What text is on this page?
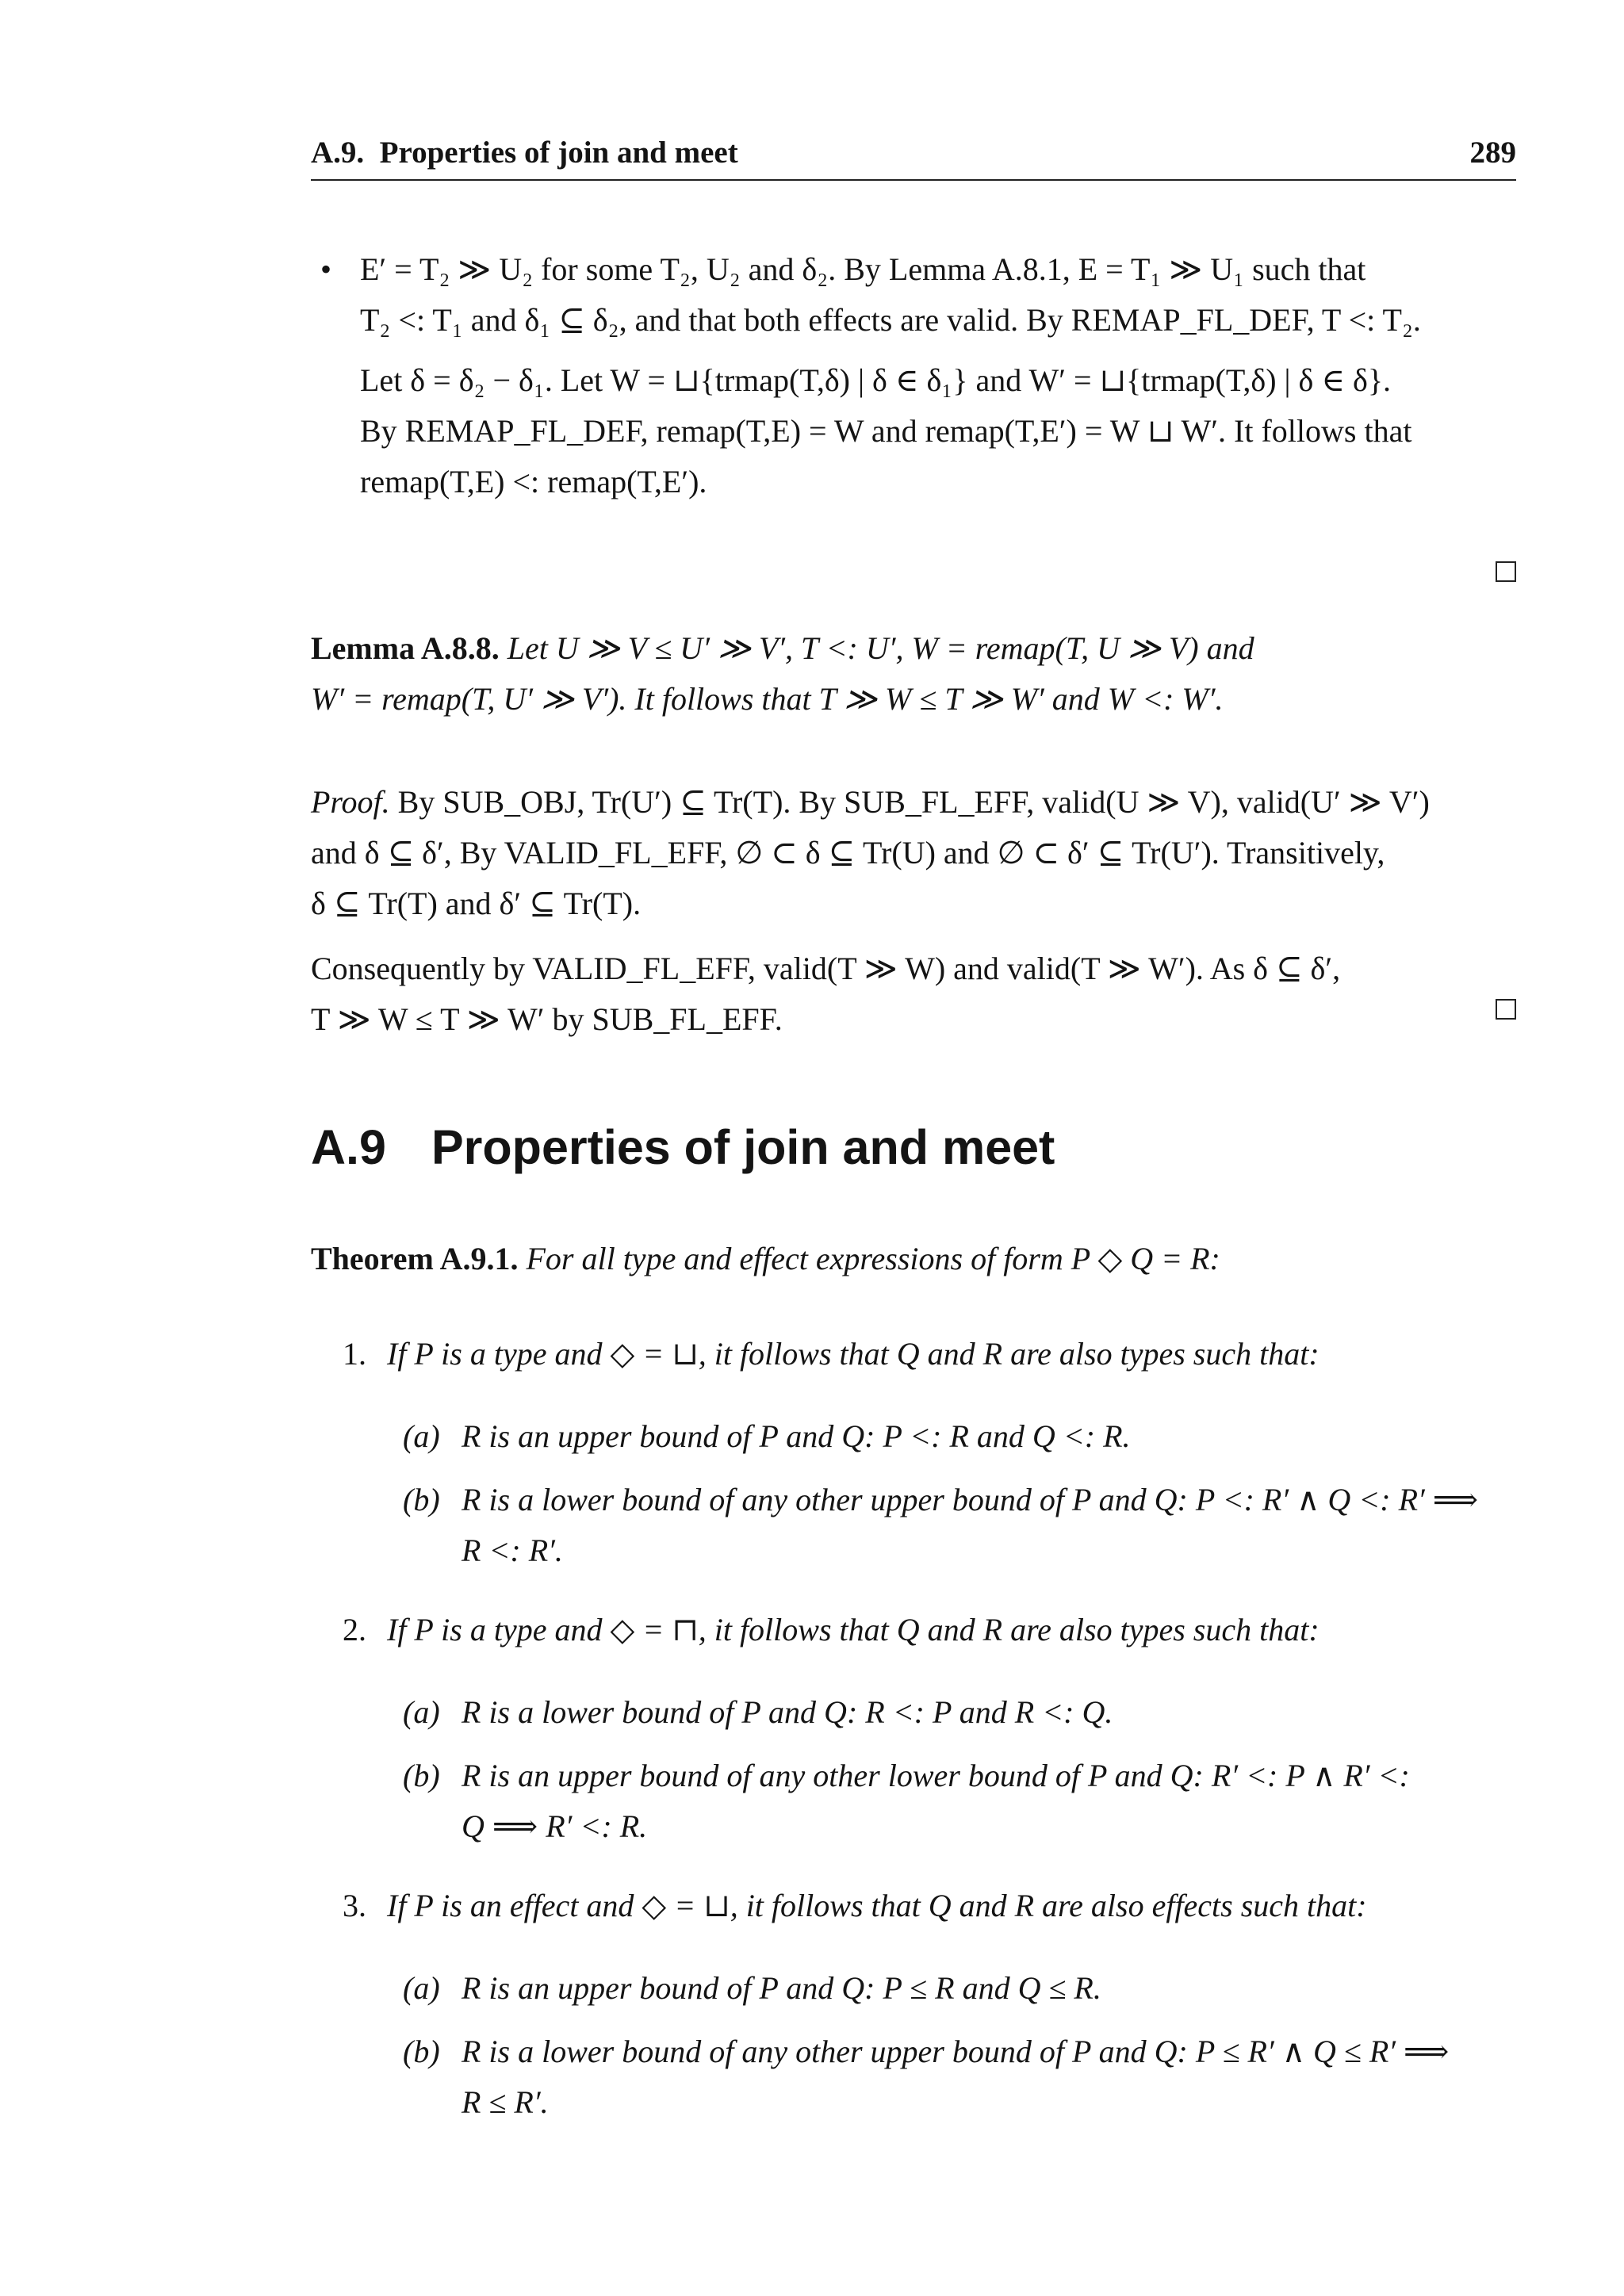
A.9. Properties of join and meet	289
• E′ = T₂ ≫ U₂ for some T₂, U₂ and δ₂. By Lemma A.8.1, E = T₁ ≫ U₁ such that
T₂ <: T₁ and δ₁ ⊆ δ₂, and that both effects are valid. By REMAP_FL_DEF, T <: T₂.
Let δ = δ₂ − δ₁. Let W = ⊔{trmap(T,δ) | δ ∈ δ₁} and W′ = ⊔{trmap(T,δ) | δ ∈ δ}.
By REMAP_FL_DEF, remap(T,E) = W and remap(T,E′) = W ⊔ W′. It follows that
remap(T,E) <: remap(T,E′).
Lemma A.8.8. Let U ≫ V ≤ U′ ≫ V′, T <: U′, W = remap(T, U ≫ V) and
W′ = remap(T, U′ ≫ V′). It follows that T ≫ W ≤ T ≫ W′ and W <: W′.
Proof. By SUB_OBJ, Tr(U′) ⊆ Tr(T). By SUB_FL_EFF, valid(U ≫ V), valid(U′ ≫ V′)
and δ ⊆ δ′, By VALID_FL_EFF, ∅ ⊂ δ ⊆ Tr(U) and ∅ ⊂ δ′ ⊆ Tr(U′). Transitively,
δ ⊆ Tr(T) and δ′ ⊆ Tr(T).
Consequently by VALID_FL_EFF, valid(T ≫ W) and valid(T ≫ W′). As δ ⊆ δ′,
T ≫ W ≤ T ≫ W′ by SUB_FL_EFF.
A.9 Properties of join and meet
Theorem A.9.1. For all type and effect expressions of form P ◇ Q = R:
1. If P is a type and ◇ = ⊔, it follows that Q and R are also types such that:
(a) R is an upper bound of P and Q: P <: R and Q <: R.
(b) R is a lower bound of any other upper bound of P and Q: P <: R′ ∧ Q <: R′ ⟹
R <: R′.
2. If P is a type and ◇ = ⊓, it follows that Q and R are also types such that:
(a) R is a lower bound of P and Q: R <: P and R <: Q.
(b) R is an upper bound of any other lower bound of P and Q: R′ <: P ∧ R′ <:
Q ⟹ R′ <: R.
3. If P is an effect and ◇ = ⊔, it follows that Q and R are also effects such that:
(a) R is an upper bound of P and Q: P ≤ R and Q ≤ R.
(b) R is a lower bound of any other upper bound of P and Q: P ≤ R′ ∧ Q ≤ R′ ⟹
R ≤ R′.
